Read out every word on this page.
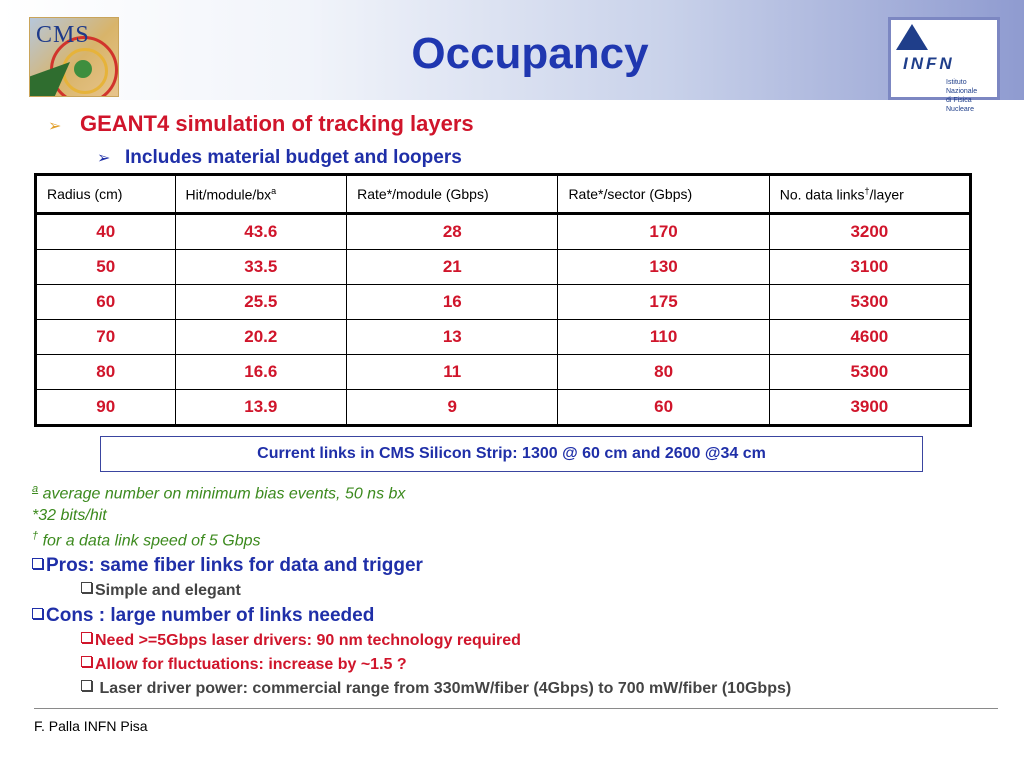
CMS	Occupancy	INFN
Istituto Nazionale
di Fisica Nucleare
➢ GEANT4 simulation of tracking layers
➢ Includes material budget and loopers
Radius (cm)	Hit/$module/bx^a$	Rate*/module (Gbps)	Rate*/sector (Gbps)	No. data links†/layer
40	43.6	28	170	3200
50	33.5	21	130	3100
60	25.5	16	175	5300
70	20.2	13	110	4600
80	16.6	11	80	5300
90	13.9	9	60	3900
Current links in CMS Silicon Strip: 1300 @ 60 cm and 2600 @34 cm
$^a$ average number on minimum bias events, 50 ns bx
*32 bits/hit
† for a data link speed of 5 Gbps
Pros: same fiber links for data and trigger
Simple and elegant
Cons : large number of links needed
Need >=5Gbps laser drivers: 90 nm technology required
Allow for fluctuations: increase by ~1.5 ?
Laser driver power: commercial range from 330mW/fiber (4Gbps) to 700 mW/fiber (10Gbps)
F. Palla INFN Pisa
